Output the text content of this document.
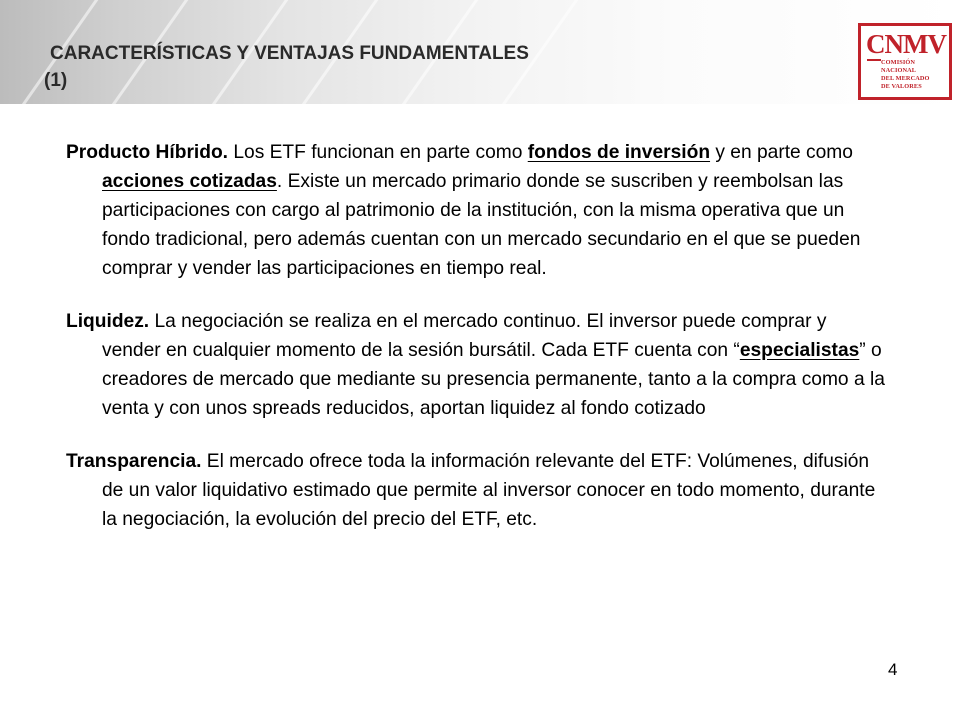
CARACTERÍSTICAS Y VENTAJAS FUNDAMENTALES
(1)
CNMV
COMISIÓN
NACIONAL
DEL MERCADO
DE VALORES

Producto Híbrido. Los ETF funcionan en parte como fondos de inversión y en parte como acciones cotizadas. Existe un mercado primario donde se suscriben y reembolsan las participaciones con cargo al patrimonio de la institución, con la misma operativa que un fondo tradicional, pero además cuentan con un mercado secundario en el que se pueden comprar y vender las participaciones en tiempo real.

Liquidez. La negociación se realiza en el mercado continuo. El inversor puede comprar y vender en cualquier momento de la sesión bursátil. Cada ETF cuenta con “especialistas” o creadores de mercado que mediante su presencia permanente, tanto a la compra como a la venta y con unos spreads reducidos, aportan liquidez al fondo cotizado

Transparencia. El mercado ofrece toda la información relevante del ETF: Volúmenes, difusión de un valor liquidativo estimado que permite al inversor conocer en todo momento, durante la negociación, la evolución del precio del ETF, etc.

4
